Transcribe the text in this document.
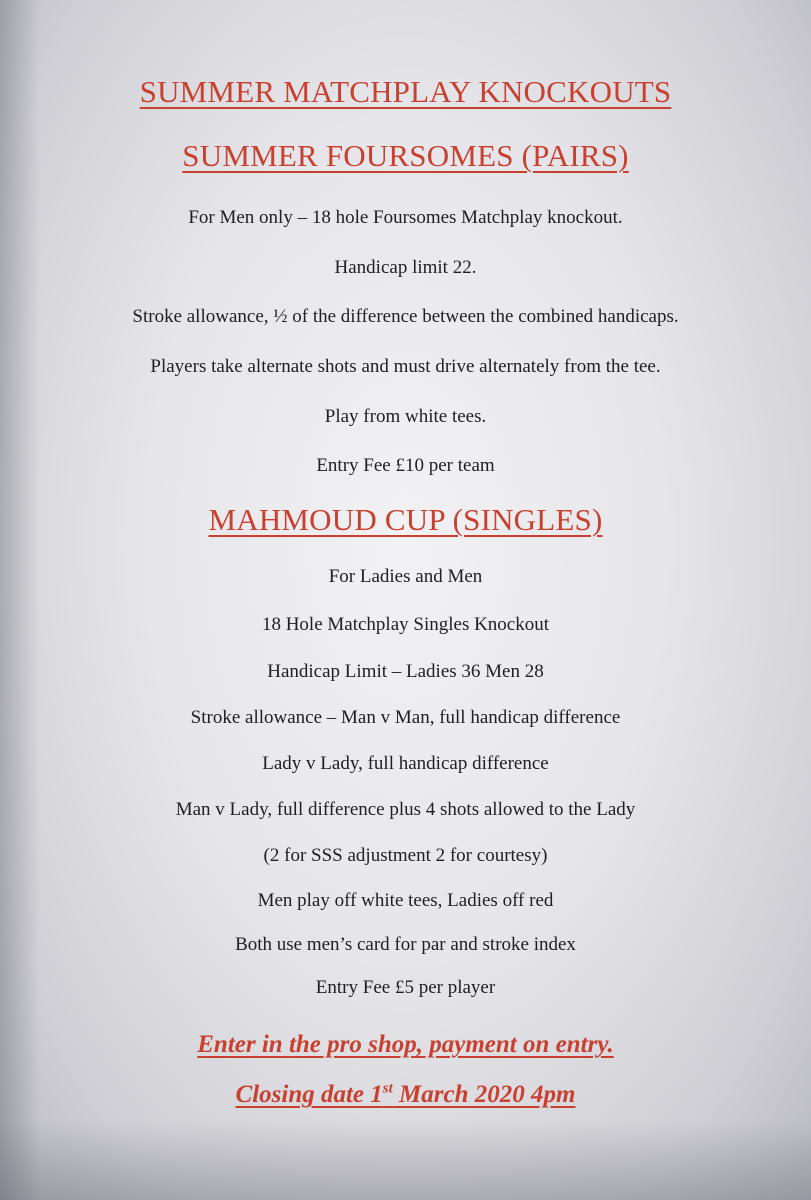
SUMMER MATCHPLAY KNOCKOUTS
SUMMER FOURSOMES (PAIRS)
For Men only – 18 hole Foursomes Matchplay knockout.
Handicap limit 22.
Stroke allowance, ½ of the difference between the combined handicaps.
Players take alternate shots and must drive alternately from the tee.
Play from white tees.
Entry Fee £10 per team
MAHMOUD CUP (SINGLES)
For Ladies and Men
18 Hole Matchplay Singles Knockout
Handicap Limit – Ladies 36 Men 28
Stroke allowance – Man v Man, full handicap difference
Lady v Lady, full handicap difference
Man v Lady, full difference plus 4 shots allowed to the Lady
(2 for SSS adjustment 2 for courtesy)
Men play off white tees, Ladies off red
Both use men’s card for par and stroke index
Entry Fee £5 per player
Enter in the pro shop, payment on entry.
Closing date 1st March 2020 4pm
